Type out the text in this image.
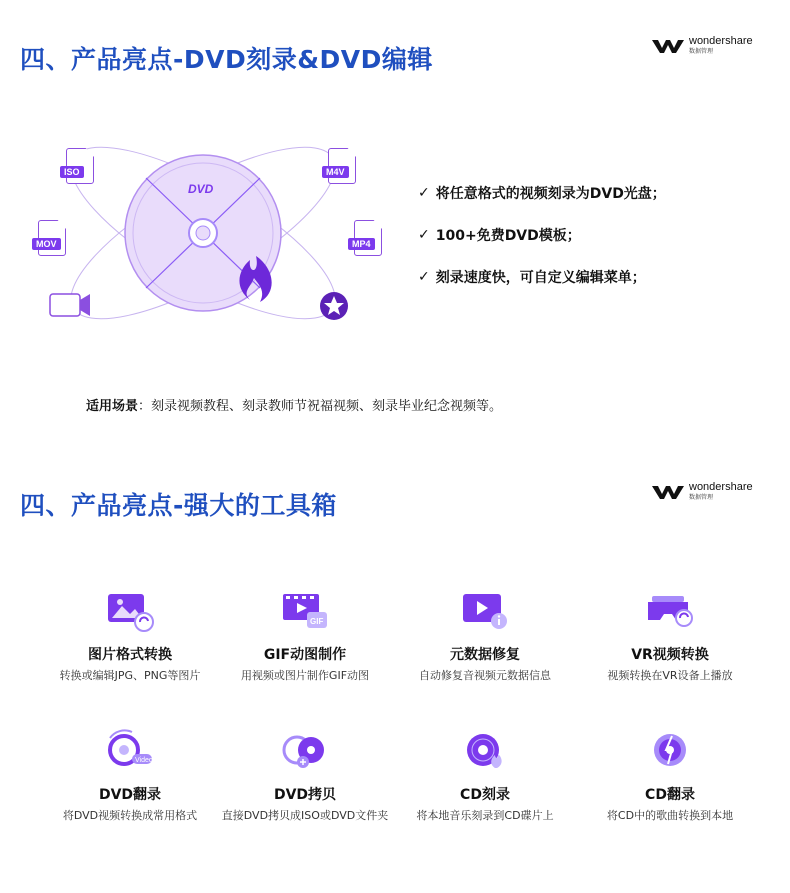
四、产品亮点-DVD刻录&DVD编辑
wondershare
数据管理
DVD
ISO	M4V
MOV	MP4
✓ 将任意格式的视频刻录为DVD光盘；
✓ 100+免费DVD模板；
✓ 刻录速度快，可自定义编辑菜单；
适用场景：刻录视频教程、刻录教师节祝福视频、刻录毕业纪念视频等。
四、产品亮点-强大的工具箱
wondershare
数据管理
图片格式转换
转换或编辑JPG、PNG等图片
GIF
GIF动图制作
用视频或图片制作GIF动图
元数据修复
自动修复音视频元数据信息
VR视频转换
视频转换在VR设备上播放
Video
DVD翻录
将DVD视频转换成常用格式
DVD拷贝
直接DVD拷贝成ISO或DVD文件夹
CD刻录
将本地音乐刻录到CD碟片上
CD翻录
将CD中的歌曲转换到本地
